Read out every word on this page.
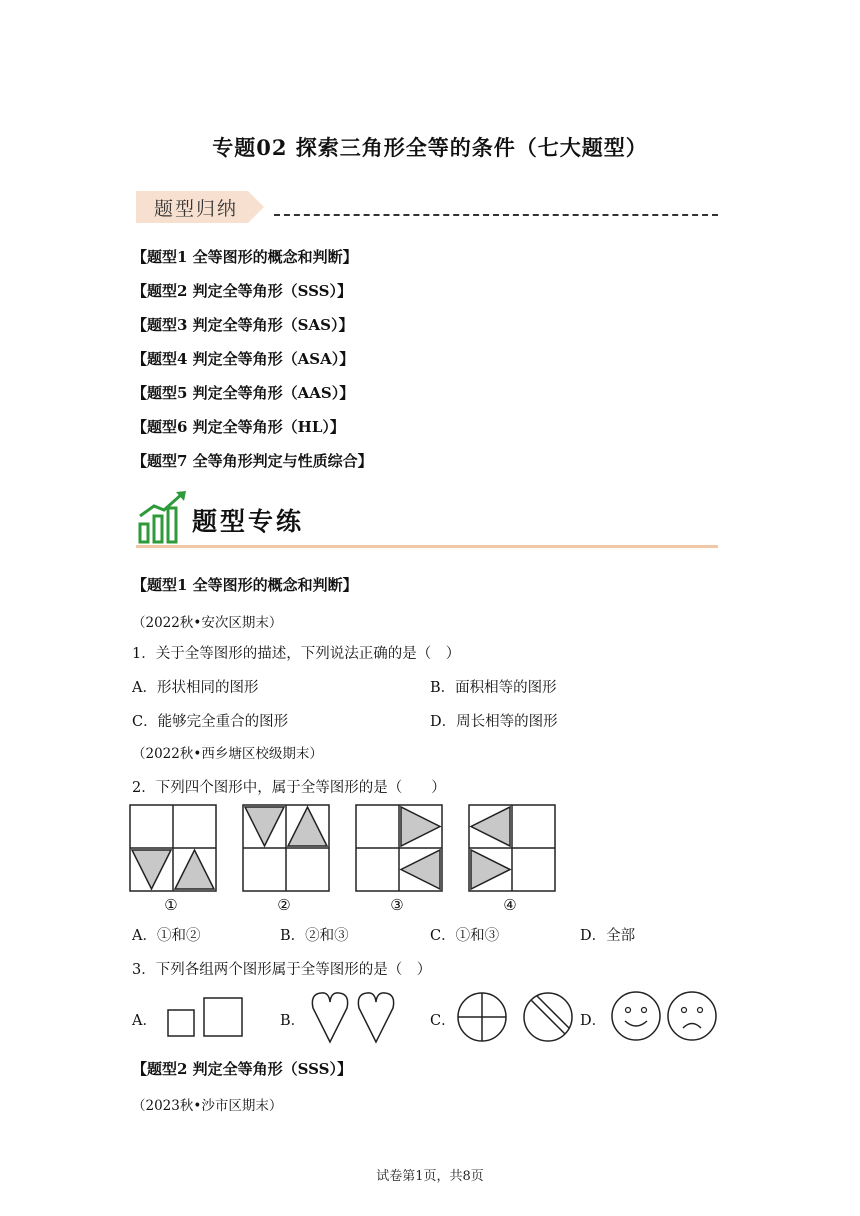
专题02 探索三角形全等的条件（七大题型）
题型归纳
【题型1 全等图形的概念和判断】
【题型2 判定全等角形（SSS）】
【题型3 判定全等角形（SAS）】
【题型4 判定全等角形（ASA）】
【题型5 判定全等角形（AAS）】
【题型6 判定全等角形（HL）】
【题型7 全等角形判定与性质综合】
题型专练
【题型1 全等图形的概念和判断】
（2022秋•安次区期末）
1．关于全等图形的描述，下列说法正确的是（　）
A．形状相同的图形	B．面积相等的图形
C．能够完全重合的图形	D．周长相等的图形
（2022秋•西乡塘区校级期末）
2．下列四个图形中，属于全等图形的是（　　）
①	②	③	④
A．①和②	B．②和③	C．①和③	D．全部
3．下列各组两个图形属于全等图形的是（　）
A．	B．	C．	D．
【题型2 判定全等角形（SSS）】
（2023秋•沙市区期末）
试卷第1页，共8页
